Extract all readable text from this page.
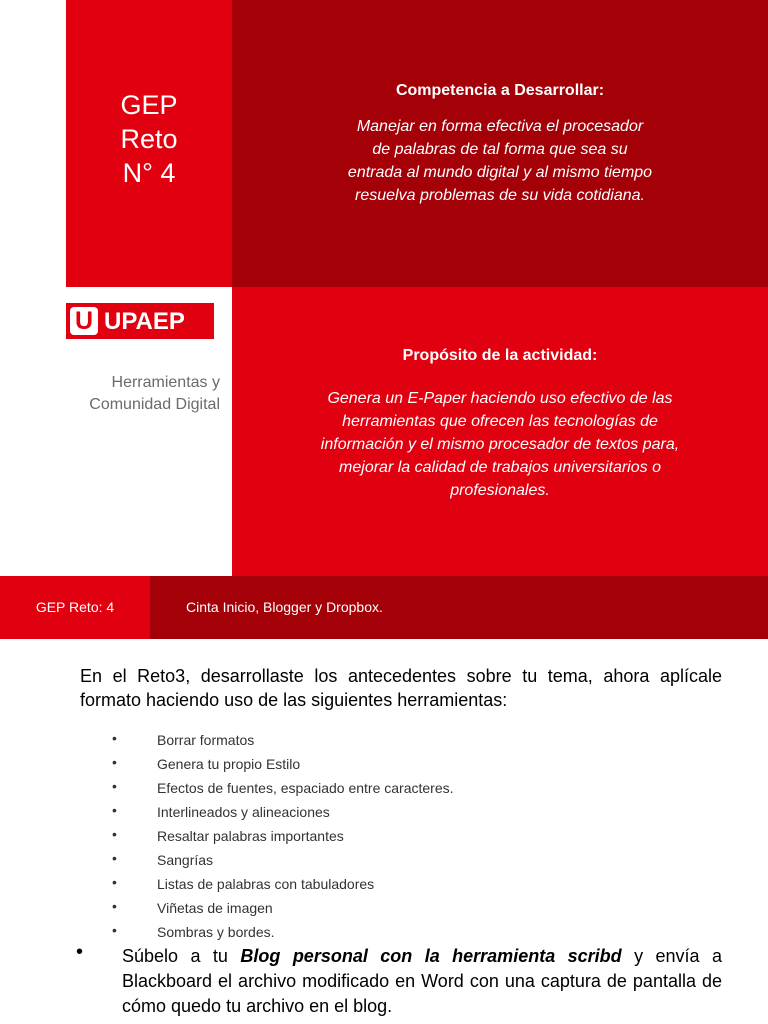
GEP
Reto
N° 4
Competencia a Desarrollar:
Manejar en forma efectiva el procesador
de palabras de tal forma que sea su
entrada al mundo digital y al mismo tiempo
resuelva problemas de su vida cotidiana.
U UPAEP
Herramientas y
Comunidad Digital
Propósito de la actividad:
Genera un E-Paper haciendo uso efectivo de las
herramientas que ofrecen las tecnologías de
información y el mismo procesador de textos para,
mejorar la calidad de trabajos universitarios o
profesionales.
GEP Reto: 4	Cinta Inicio, Blogger y Dropbox.
En el Reto3, desarrollaste los antecedentes sobre tu tema, ahora aplícale formato haciendo uso de las siguientes herramientas:
•	Borrar formatos
•	Genera tu propio Estilo
•	Efectos de fuentes, espaciado entre caracteres.
•	Interlineados y alineaciones
•	Resaltar palabras importantes
•	Sangrías
•	Listas de palabras con tabuladores
•	Viñetas de imagen
•	Sombras y bordes.
• Súbelo a tu Blog personal con la herramienta scribd y envía a Blackboard el archivo modificado en Word con una captura de pantalla de cómo quedo tu archivo en el blog.
